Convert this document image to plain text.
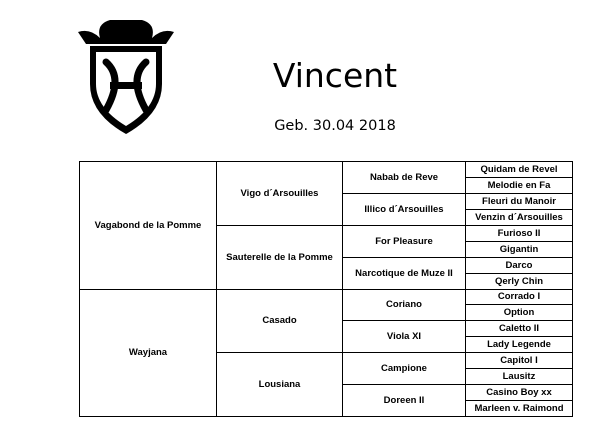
Vincent
Geb. 30.04 2018
Vagabond de la Pomme	Vigo d´Arsouilles	Nabab de Reve	Quidam de Revel
			Melodie en Fa
		Illico d´Arsouilles	Fleuri du Manoir
			Venzin d´Arsouilles
	Sauterelle de la Pomme	For Pleasure	Furioso II
			Gigantin
		Narcotique de Muze II	Darco
			Qerly Chin
Wayjana	Casado	Coriano	Corrado I
			Option
		Viola XI	Caletto II
			Lady Legende
	Lousiana	Campione	Capitol I
			Lausitz
		Doreen II	Casino Boy xx
			Marleen v. Raimond
